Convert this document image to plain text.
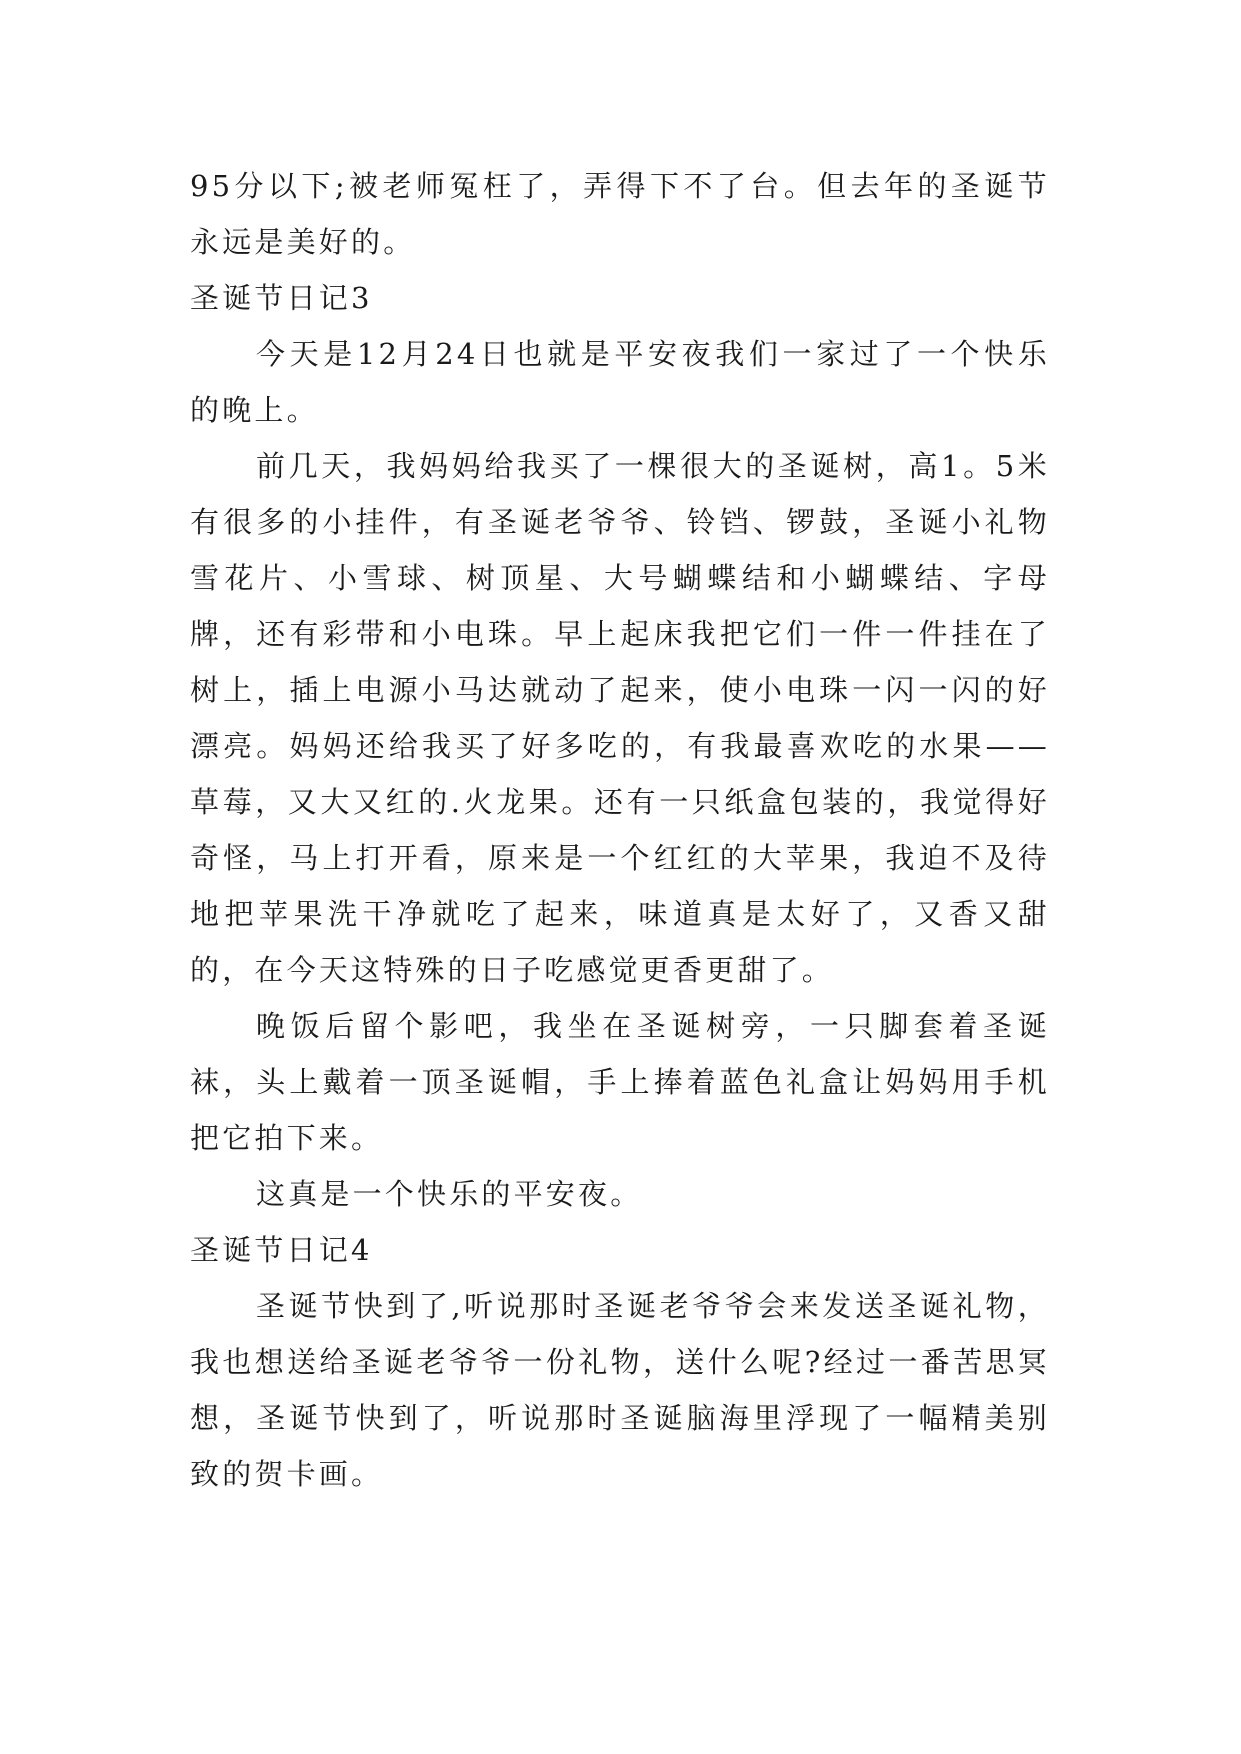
95分以下;被老师冤枉了，弄得下不了台。但去年的圣诞节永远是美好的。

圣诞节日记3

今天是12月24日也就是平安夜我们一家过了一个快乐的晚上。

前几天，我妈妈给我买了一棵很大的圣诞树，高1。5米有很多的小挂件，有圣诞老爷爷、铃铛、锣鼓，圣诞小礼物雪花片、小雪球、树顶星、大号蝴蝶结和小蝴蝶结、字母牌，还有彩带和小电珠。早上起床我把它们一件一件挂在了树上，插上电源小马达就动了起来，使小电珠一闪一闪的好漂亮。妈妈还给我买了好多吃的，有我最喜欢吃的水果——草莓，又大又红的.火龙果。还有一只纸盒包装的，我觉得好奇怪，马上打开看，原来是一个红红的大苹果，我迫不及待地把苹果洗干净就吃了起来，味道真是太好了，又香又甜的，在今天这特殊的日子吃感觉更香更甜了。

晚饭后留个影吧，我坐在圣诞树旁，一只脚套着圣诞袜，头上戴着一顶圣诞帽，手上捧着蓝色礼盒让妈妈用手机把它拍下来。

这真是一个快乐的平安夜。

圣诞节日记4

圣诞节快到了,听说那时圣诞老爷爷会来发送圣诞礼物，我也想送给圣诞老爷爷一份礼物，送什么呢?经过一番苦思冥想，圣诞节快到了，听说那时圣诞脑海里浮现了一幅精美别致的贺卡画。
